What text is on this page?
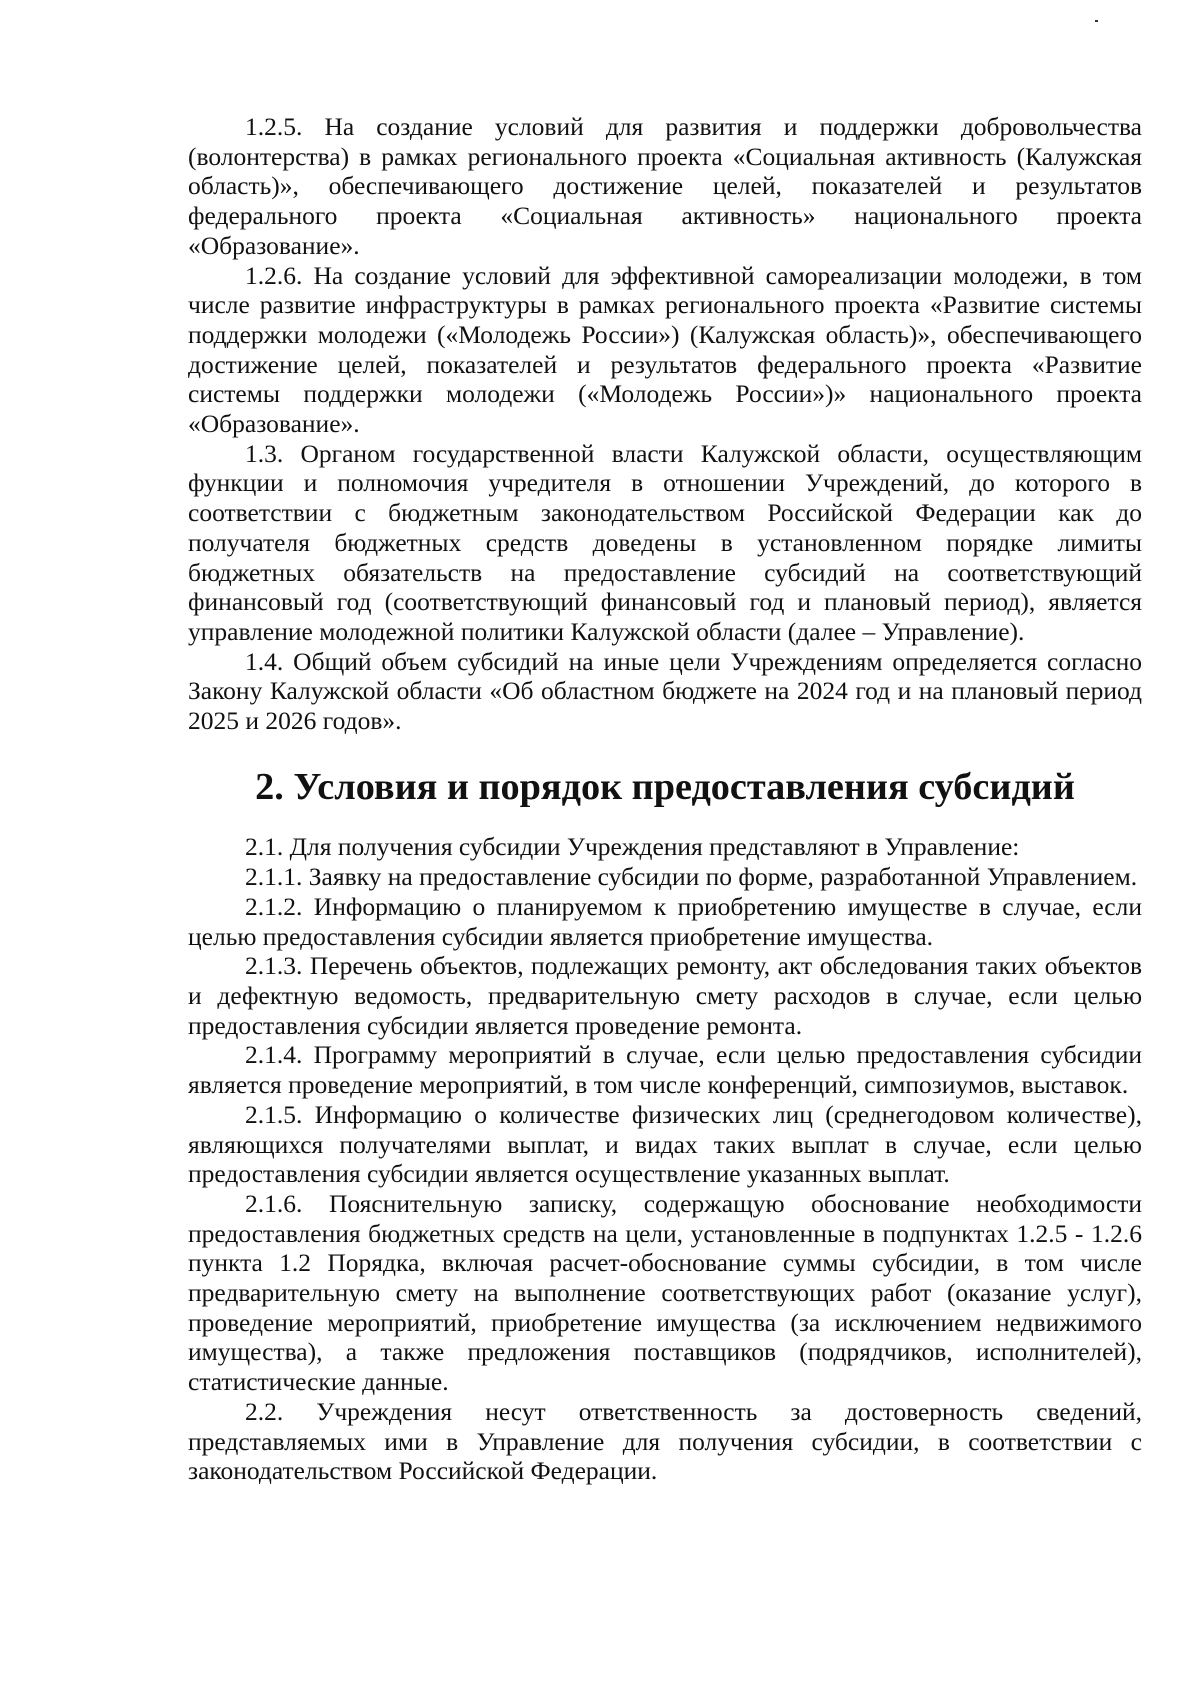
1.2.5. На создание условий для развития и поддержки добровольчества (волонтерства) в рамках регионального проекта «Социальная активность (Калужская область)», обеспечивающего достижение целей, показателей и результатов федерального проекта «Социальная активность» национального проекта «Образование».

1.2.6. На создание условий для эффективной самореализации молодежи, в том числе развитие инфраструктуры в рамках регионального проекта «Развитие системы поддержки молодежи («Молодежь России») (Калужская область)», обеспечивающего достижение целей, показателей и результатов федерального проекта «Развитие системы поддержки молодежи («Молодежь России»)» национального проекта «Образование».

1.3. Органом государственной власти Калужской области, осуществляющим функции и полномочия учредителя в отношении Учреждений, до которого в соответствии с бюджетным законодательством Российской Федерации как до получателя бюджетных средств доведены в установленном порядке лимиты бюджетных обязательств на предоставление субсидий на соответствующий финансовый год (соответствующий финансовый год и плановый период), является управление молодежной политики Калужской области (далее – Управление).

1.4. Общий объем субсидий на иные цели Учреждениям определяется согласно Закону Калужской области «Об областном бюджете на 2024 год и на плановый период 2025 и 2026 годов».

2. Условия и порядок предоставления субсидий

2.1. Для получения субсидии Учреждения представляют в Управление:

2.1.1. Заявку на предоставление субсидии по форме, разработанной Управлением.

2.1.2. Информацию о планируемом к приобретению имуществе в случае, если целью предоставления субсидии является приобретение имущества.

2.1.3. Перечень объектов, подлежащих ремонту, акт обследования таких объектов и дефектную ведомость, предварительную смету расходов в случае, если целью предоставления субсидии является проведение ремонта.

2.1.4. Программу мероприятий в случае, если целью предоставления субсидии является проведение мероприятий, в том числе конференций, симпозиумов, выставок.

2.1.5. Информацию о количестве физических лиц (среднегодовом количестве), являющихся получателями выплат, и видах таких выплат в случае, если целью предоставления субсидии является осуществление указанных выплат.

2.1.6. Пояснительную записку, содержащую обоснование необходимости предоставления бюджетных средств на цели, установленные в подпунктах 1.2.5 - 1.2.6 пункта 1.2 Порядка, включая расчет-обоснование суммы субсидии, в том числе предварительную смету на выполнение соответствующих работ (оказание услуг), проведение мероприятий, приобретение имущества (за исключением недвижимого имущества), а также предложения поставщиков (подрядчиков, исполнителей), статистические данные.

2.2. Учреждения несут ответственность за достоверность сведений, представляемых ими в Управление для получения субсидии, в соответствии с законодательством Российской Федерации.
